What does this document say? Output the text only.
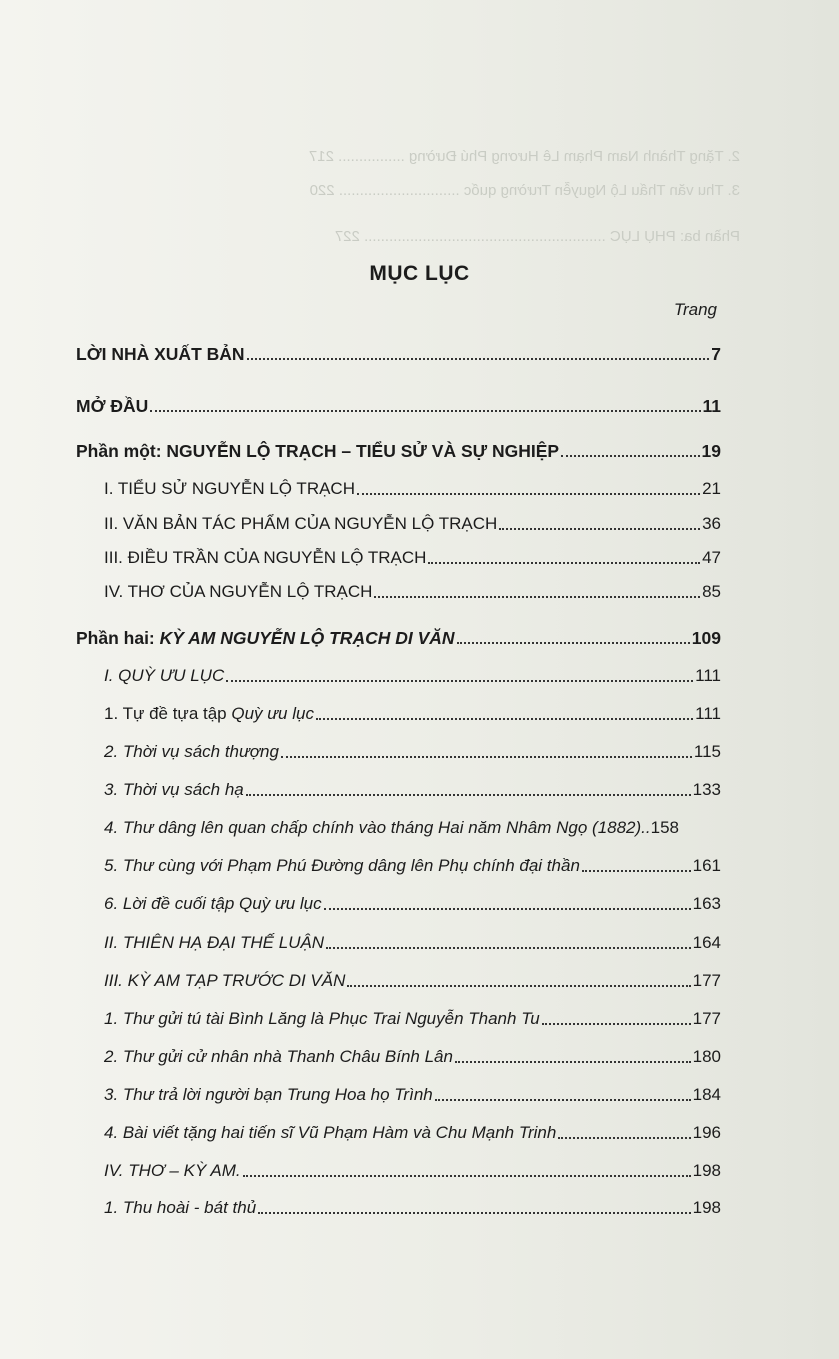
2. Tặng Thành Nam Phạm Lê Hương Phú Đường ................ 217
3. Thu văn Thấu Lộ Nguyễn Trường quốc ............................. 220
Phần ba: PHỤ LỤC .......................................................... 227
MỤC LỤC
Trang
LỜI NHÀ XUẤT BẢN	7
MỞ ĐẦU	11
Phần một: NGUYỄN LỘ TRẠCH – TIỂU SỬ VÀ SỰ NGHIỆP	19
I. TIỂU SỬ NGUYỄN LỘ TRẠCH	21
II. VĂN BẢN TÁC PHẨM CỦA NGUYỄN LỘ TRẠCH	36
III. ĐIỀU TRẦN CỦA NGUYỄN LỘ TRẠCH	47
IV. THƠ CỦA NGUYỄN LỘ TRẠCH	85
Phần hai: KỲ AM NGUYỄN LỘ TRẠCH DI VĂN	109
I. QUỲ ƯU LỤC	111
1. Tự đề tựa tập Quỳ ưu lục	111
2. Thời vụ sách thượng	115
3. Thời vụ sách hạ	133
4. Thư dâng lên quan chấp chính vào tháng Hai năm Nhâm Ngọ (1882).. 158
5. Thư cùng với Phạm Phú Đường dâng lên Phụ chính đại thần	161
6. Lời đề cuối tập Quỳ ưu lục	163
II. THIÊN HẠ ĐẠI THẾ LUẬN	164
III. KỲ AM TẠP TRƯỚC DI VĂN	177
1. Thư gửi tú tài Bình Lăng là Phục Trai Nguyễn Thanh Tu	177
2. Thư gửi cử nhân nhà Thanh Châu Bính Lân	180
3. Thư trả lời người bạn Trung Hoa họ Trình	184
4. Bài viết tặng hai tiến sĩ Vũ Phạm Hàm và Chu Mạnh Trinh	196
IV. THƠ – KỲ AM.	198
1. Thu hoài - bát thủ	198
